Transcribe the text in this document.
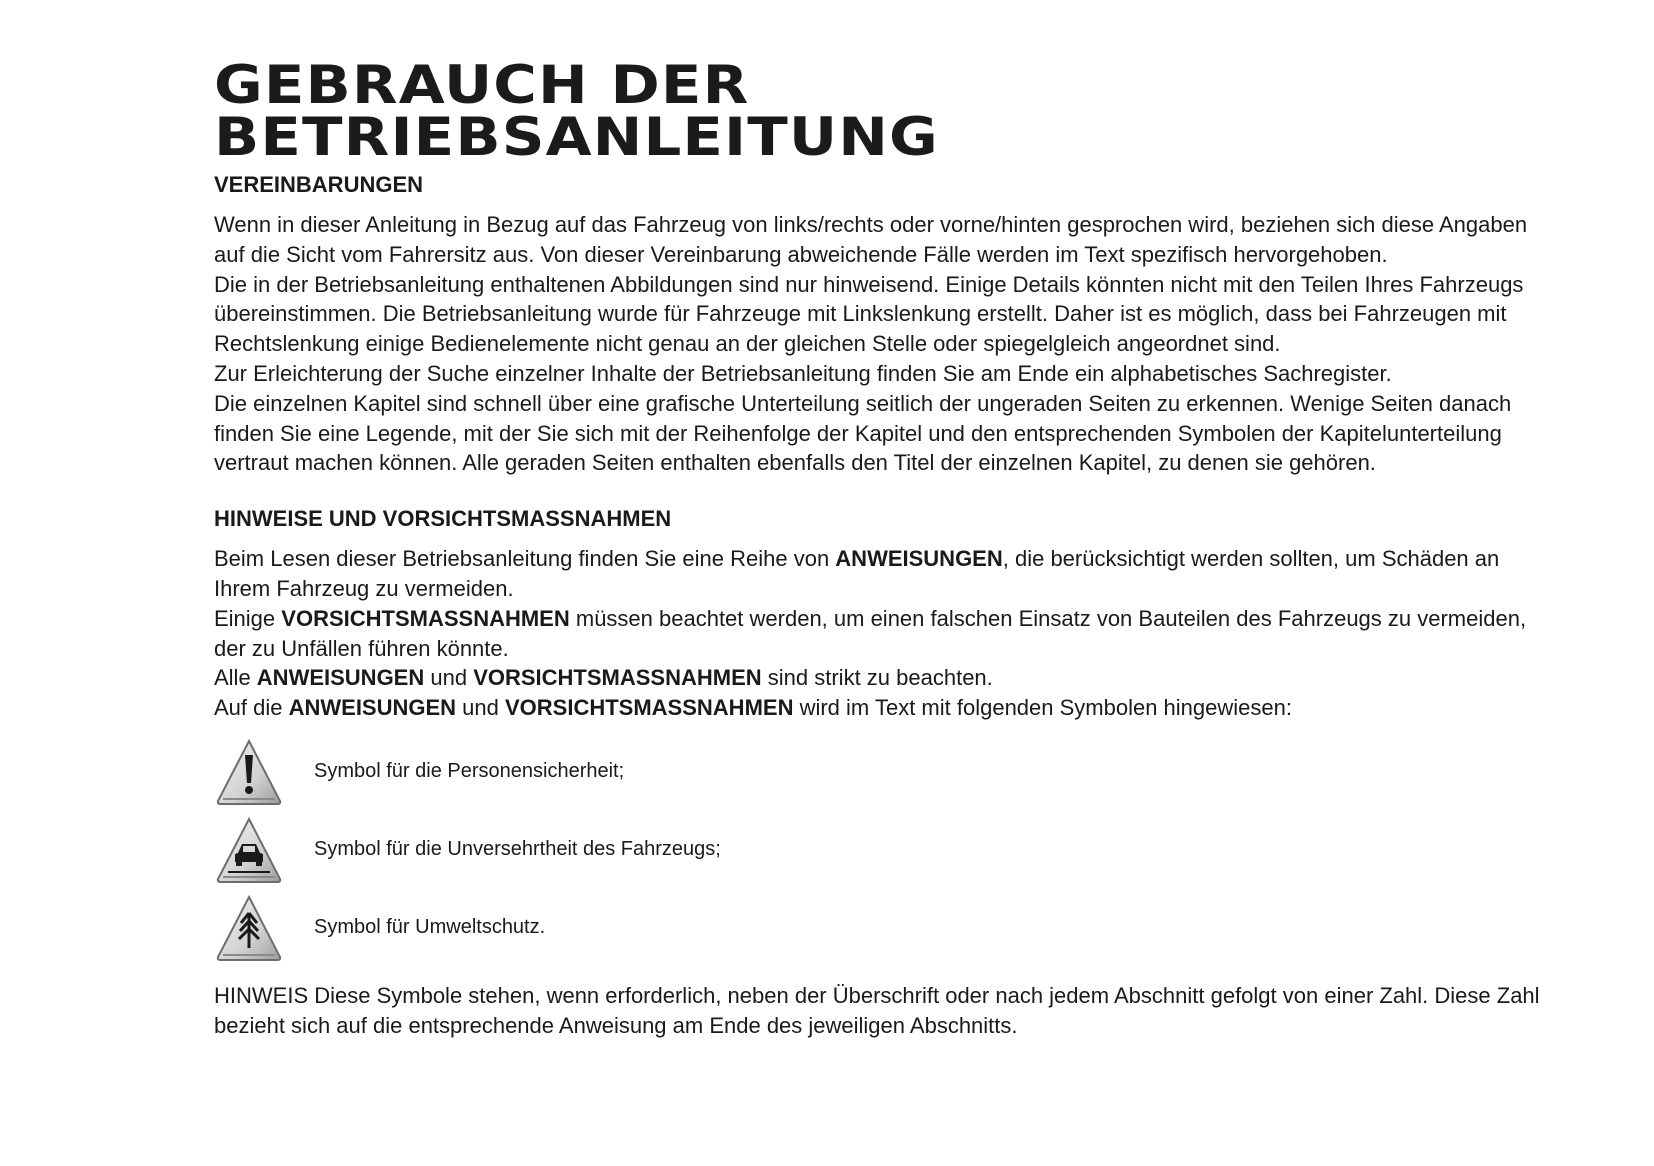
GEBRAUCH DER
BETRIEBSANLEITUNG
VEREINBARUNGEN

Wenn in dieser Anleitung in Bezug auf das Fahrzeug von links/rechts oder vorne/hinten gesprochen wird, beziehen sich diese Angaben auf die Sicht vom Fahrersitz aus. Von dieser Vereinbarung abweichende Fälle werden im Text spezifisch hervorgehoben.

Die in der Betriebsanleitung enthaltenen Abbildungen sind nur hinweisend. Einige Details könnten nicht mit den Teilen Ihres Fahrzeugs übereinstimmen. Die Betriebsanleitung wurde für Fahrzeuge mit Linkslenkung erstellt. Daher ist es möglich, dass bei Fahrzeugen mit Rechtslenkung einige Bedienelemente nicht genau an der gleichen Stelle oder spiegelgleich angeordnet sind.

Zur Erleichterung der Suche einzelner Inhalte der Betriebsanleitung finden Sie am Ende ein alphabetisches Sachregister.

Die einzelnen Kapitel sind schnell über eine grafische Unterteilung seitlich der ungeraden Seiten zu erkennen. Wenige Seiten danach finden Sie eine Legende, mit der Sie sich mit der Reihenfolge der Kapitel und den entsprechenden Symbolen der Kapitelunterteilung vertraut machen können. Alle geraden Seiten enthalten ebenfalls den Titel der einzelnen Kapitel, zu denen sie gehören.

HINWEISE UND VORSICHTSMASSNAHMEN

Beim Lesen dieser Betriebsanleitung finden Sie eine Reihe von ANWEISUNGEN, die berücksichtigt werden sollten, um Schäden an Ihrem Fahrzeug zu vermeiden.

Einige VORSICHTSMASSNAHMEN müssen beachtet werden, um einen falschen Einsatz von Bauteilen des Fahrzeugs zu vermeiden, der zu Unfällen führen könnte.

Alle ANWEISUNGEN und VORSICHTSMASSNAHMEN sind strikt zu beachten.

Auf die ANWEISUNGEN und VORSICHTSMASSNAHMEN wird im Text mit folgenden Symbolen hingewiesen:

Symbol für die Personensicherheit;
Symbol für die Unversehrtheit des Fahrzeugs;
Symbol für Umweltschutz.

HINWEIS Diese Symbole stehen, wenn erforderlich, neben der Überschrift oder nach jedem Abschnitt gefolgt von einer Zahl. Diese Zahl bezieht sich auf die entsprechende Anweisung am Ende des jeweiligen Abschnitts.
